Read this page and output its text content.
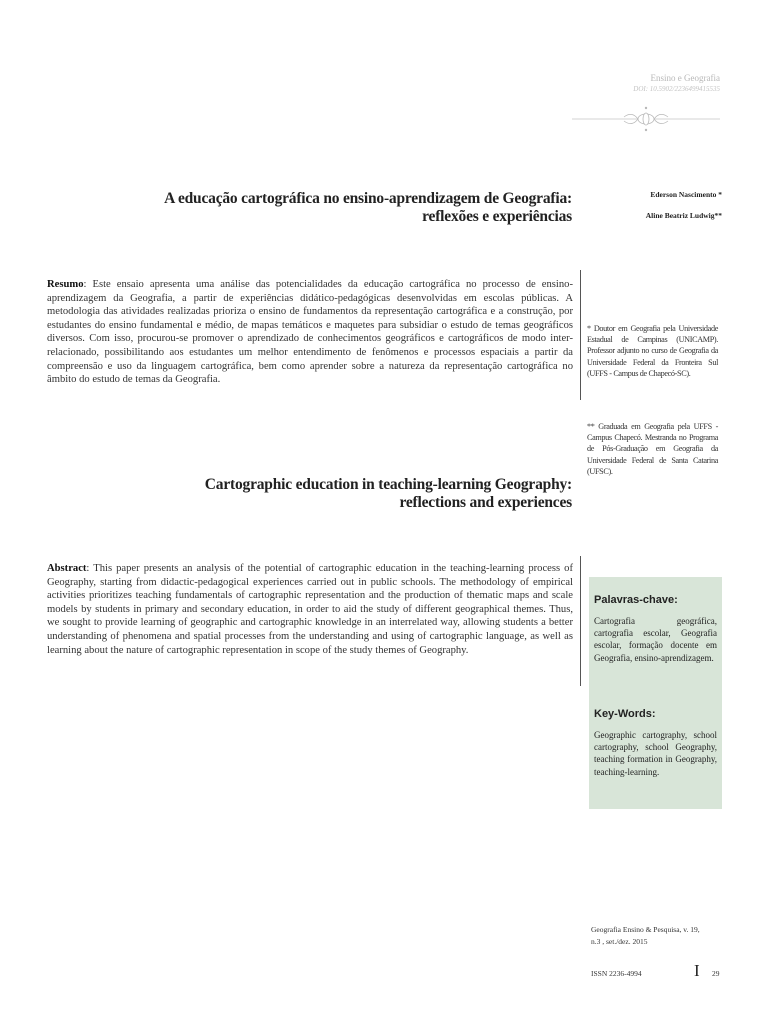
Ensino e Geografia
DOI: 10.5902/2236499415535
A educação cartográfica no ensino-aprendizagem de Geografia:
reflexões e experiências
Ederson Nascimento *
Aline Beatriz Ludwig**
Resumo: Este ensaio apresenta uma análise das potencialidades da educação cartográfica no processo de ensino-aprendizagem da Geografia, a partir de experiências didático-pedagógicas desenvolvidas em escolas públicas. A metodologia das atividades realizadas prioriza o ensino de fundamentos da representação cartográfica e a construção, por estudantes do ensino fundamental e médio, de mapas temáticos e maquetes para subsidiar o estudo de temas geográficos diversos. Com isso, procurou-se promover o aprendizado de conhecimentos geográficos e cartográficos de modo inter-relacionado, possibilitando aos estudantes um melhor entendimento de fenômenos e processos espaciais a partir da compreensão e uso da linguagem cartográfica, bem como aprender sobre a natureza da representação cartográfica no âmbito do estudo de temas da Geografia.
* Doutor em Geografia pela Universidade Estadual de Campinas (UNICAMP). Professor adjunto no curso de Geografia da Universidade Federal da Fronteira Sul (UFFS - Campus de Chapecó-SC).
** Graduada em Geografia pela UFFS - Campus Chapecó. Mestranda no Programa de Pós-Graduação em Geografia da Universidade Federal de Santa Catarina (UFSC).
Cartographic education in teaching-learning Geography:
reflections and experiences
Abstract: This paper presents an analysis of the potential of cartographic education in the teaching-learning process of Geography, starting from didactic-pedagogical experiences carried out in public schools. The methodology of empirical activities prioritizes teaching fundamentals of cartographic representation and the production of thematic maps and scale models by students in primary and secondary education, in order to aid the study of different geographical themes. Thus, we sought to provide learning of geographic and cartographic knowledge in an interrelated way, allowing students a better understanding of phenomena and spatial processes from the understanding and using of cartographic language, as well as learning about the nature of cartographic representation in scope of the study themes of Geography.
Palavras-chave:
Cartografia geográfica, cartografia escolar, Geografia escolar, formação docente em Geografia, ensino-aprendizagem.
Key-Words:
Geographic cartography, school cartography, school Geography, teaching formation in Geography, teaching-learning.
Geografia Ensino & Pesquisa, v. 19,
n.3 , set./dez. 2015
ISSN 2236-4994	I 29
